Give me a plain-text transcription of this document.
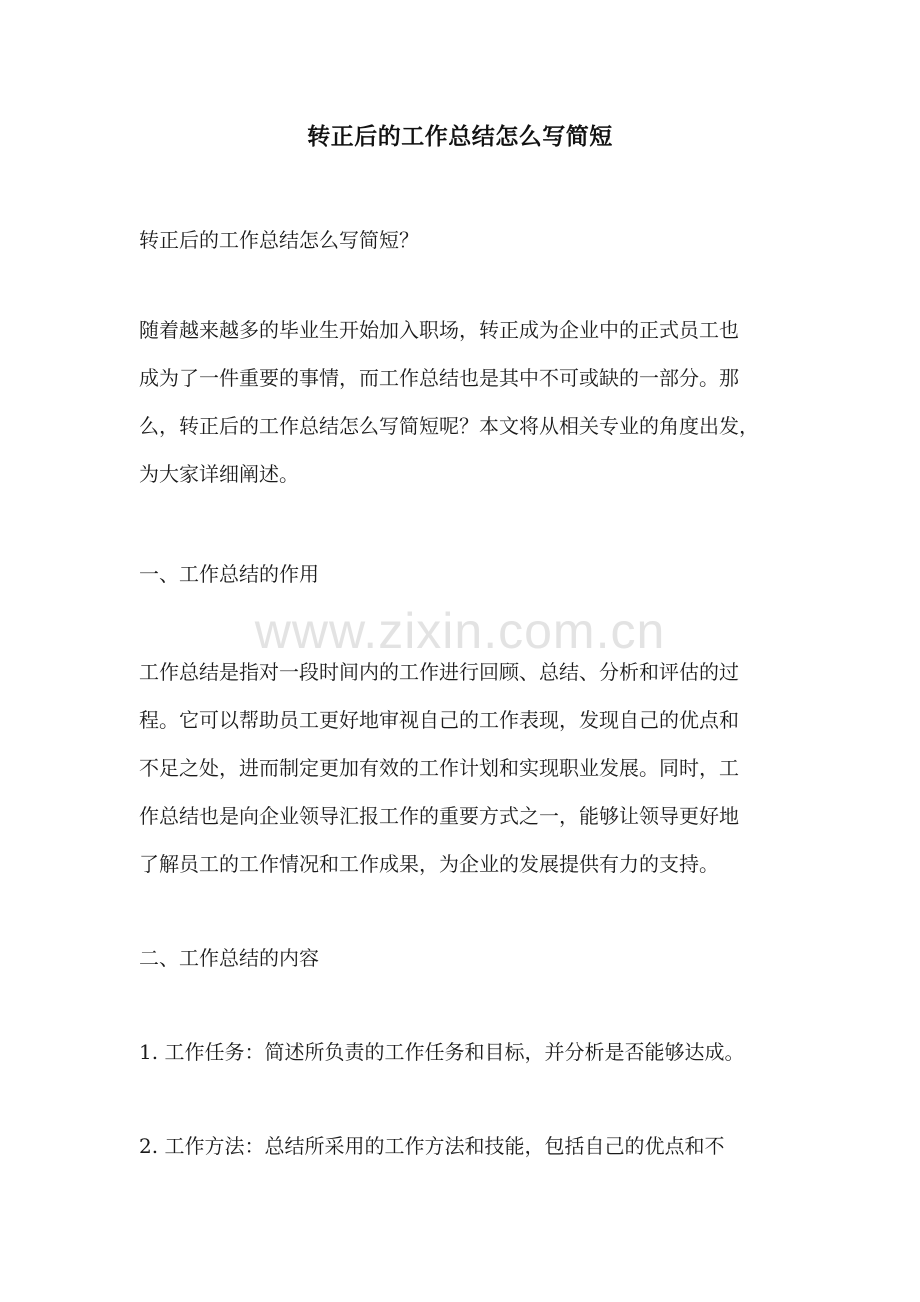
www.zixin.com.cn
转正后的工作总结怎么写简短
转正后的工作总结怎么写简短？
随着越来越多的毕业生开始加入职场，转正成为企业中的正式员工也
成为了一件重要的事情，而工作总结也是其中不可或缺的一部分。那
么，转正后的工作总结怎么写简短呢？本文将从相关专业的角度出发，
为大家详细阐述。
一、工作总结的作用
工作总结是指对一段时间内的工作进行回顾、总结、分析和评估的过
程。它可以帮助员工更好地审视自己的工作表现，发现自己的优点和
不足之处，进而制定更加有效的工作计划和实现职业发展。同时，工
作总结也是向企业领导汇报工作的重要方式之一，能够让领导更好地
了解员工的工作情况和工作成果，为企业的发展提供有力的支持。
二、工作总结的内容
1. 工作任务：简述所负责的工作任务和目标，并分析是否能够达成。
2. 工作方法：总结所采用的工作方法和技能，包括自己的优点和不
